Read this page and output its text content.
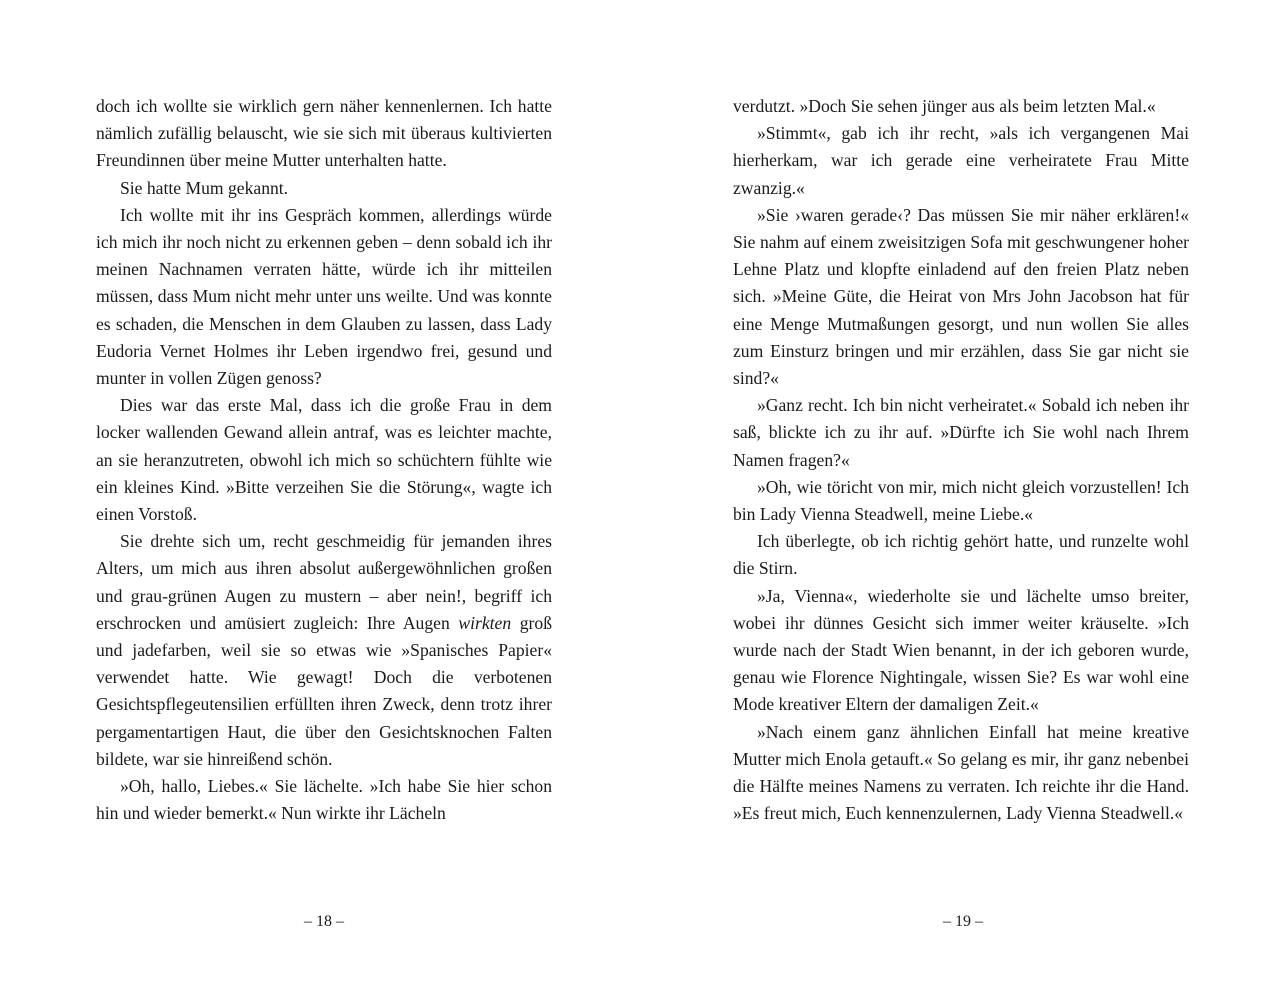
doch ich wollte sie wirklich gern näher kennenlernen. Ich hatte nämlich zufällig belauscht, wie sie sich mit überaus kultivierten Freundinnen über meine Mutter unterhalten hatte.

Sie hatte Mum gekannt.

Ich wollte mit ihr ins Gespräch kommen, allerdings würde ich mich ihr noch nicht zu erkennen geben – denn sobald ich ihr meinen Nachnamen verraten hätte, würde ich ihr mitteilen müssen, dass Mum nicht mehr unter uns weilte. Und was konnte es schaden, die Menschen in dem Glauben zu lassen, dass Lady Eudoria Vernet Holmes ihr Leben irgendwo frei, gesund und munter in vollen Zügen genoss?

Dies war das erste Mal, dass ich die große Frau in dem locker wallenden Gewand allein antraf, was es leichter machte, an sie heranzutreten, obwohl ich mich so schüchtern fühlte wie ein kleines Kind. »Bitte verzeihen Sie die Störung«, wagte ich einen Vorstoß.

Sie drehte sich um, recht geschmeidig für jemanden ihres Alters, um mich aus ihren absolut außergewöhnlichen großen und grau-grünen Augen zu mustern – aber nein!, begriff ich erschrocken und amüsiert zugleich: Ihre Augen wirkten groß und jadefarben, weil sie so etwas wie »Spanisches Papier« verwendet hatte. Wie gewagt! Doch die verbotenen Gesichtspflegeutensilien erfüllten ihren Zweck, denn trotz ihrer pergamentartigen Haut, die über den Gesichtsknochen Falten bildete, war sie hinreißend schön.

»Oh, hallo, Liebes.« Sie lächelte. »Ich habe Sie hier schon hin und wieder bemerkt.« Nun wirkte ihr Lächeln

verdutzt. »Doch Sie sehen jünger aus als beim letzten Mal.«

»Stimmt«, gab ich ihr recht, »als ich vergangenen Mai hierherkam, war ich gerade eine verheiratete Frau Mitte zwanzig.«

»Sie ›waren gerade‹? Das müssen Sie mir näher erklären!« Sie nahm auf einem zweisitzigen Sofa mit geschwungener hoher Lehne Platz und klopfte einladend auf den freien Platz neben sich. »Meine Güte, die Heirat von Mrs John Jacobson hat für eine Menge Mutmaßungen gesorgt, und nun wollen Sie alles zum Einsturz bringen und mir erzählen, dass Sie gar nicht sie sind?«

»Ganz recht. Ich bin nicht verheiratet.« Sobald ich neben ihr saß, blickte ich zu ihr auf. »Dürfte ich Sie wohl nach Ihrem Namen fragen?«

»Oh, wie töricht von mir, mich nicht gleich vorzustellen! Ich bin Lady Vienna Steadwell, meine Liebe.«

Ich überlegte, ob ich richtig gehört hatte, und runzelte wohl die Stirn.

»Ja, Vienna«, wiederholte sie und lächelte umso breiter, wobei ihr dünnes Gesicht sich immer weiter kräuselte. »Ich wurde nach der Stadt Wien benannt, in der ich geboren wurde, genau wie Florence Nightingale, wissen Sie? Es war wohl eine Mode kreativer Eltern der damaligen Zeit.«

»Nach einem ganz ähnlichen Einfall hat meine kreative Mutter mich Enola getauft.« So gelang es mir, ihr ganz nebenbei die Hälfte meines Namens zu verraten. Ich reichte ihr die Hand. »Es freut mich, Euch kennenzulernen, Lady Vienna Steadwell.«

– 18 –	– 19 –
